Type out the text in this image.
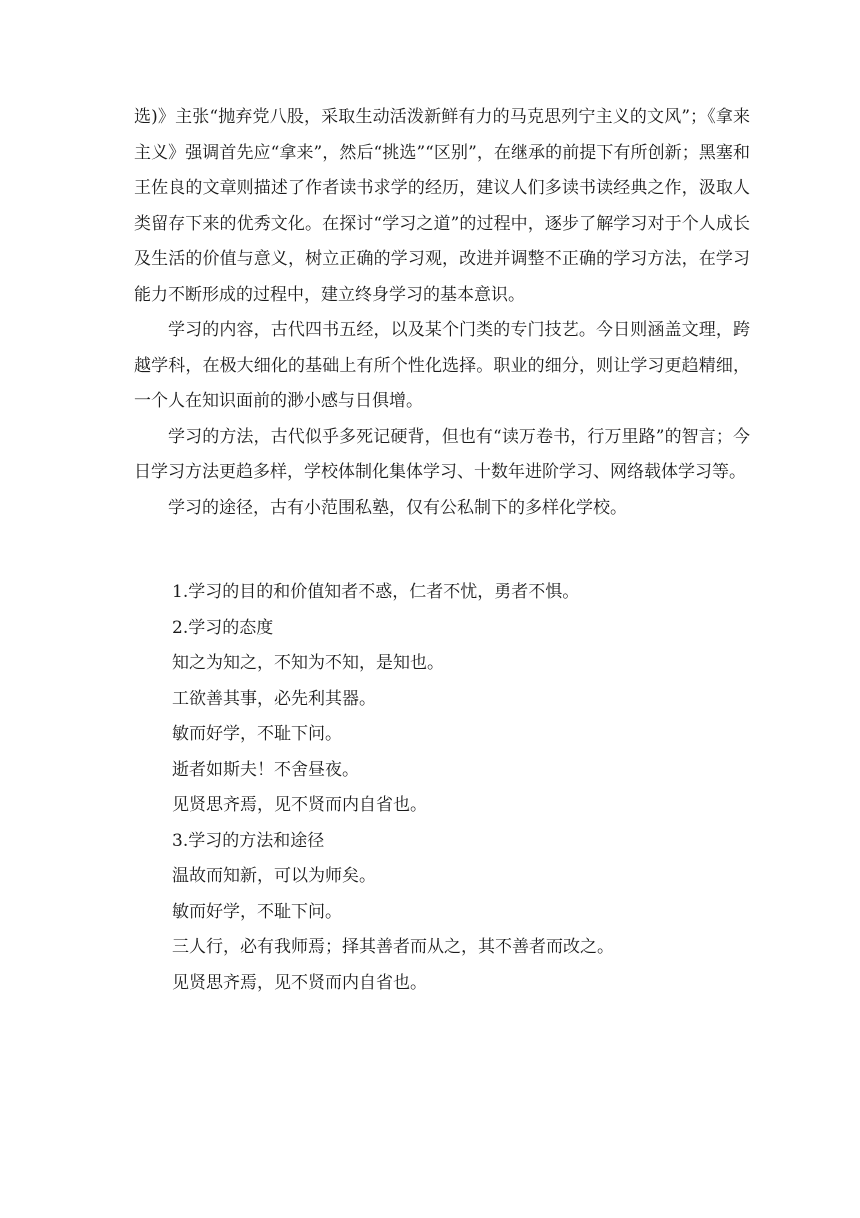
选)》主张“抛弃党八股，采取生动活泼新鲜有力的马克思列宁主义的文风”；《拿来主义》强调首先应“拿来”，然后“挑选”“区别”，在继承的前提下有所创新；黑塞和王佐良的文章则描述了作者读书求学的经历，建议人们多读书读经典之作，汲取人类留存下来的优秀文化。在探讨“学习之道”的过程中，逐步了解学习对于个人成长及生活的价值与意义，树立正确的学习观，改进并调整不正确的学习方法，在学习能力不断形成的过程中，建立终身学习的基本意识。

学习的内容，古代四书五经，以及某个门类的专门技艺。今日则涵盖文理，跨越学科，在极大细化的基础上有所个性化选择。职业的细分，则让学习更趋精细，一个人在知识面前的渺小感与日俱增。

学习的方法，古代似乎多死记硬背，但也有“读万卷书，行万里路”的智言；今日学习方法更趋多样，学校体制化集体学习、十数年进阶学习、网络载体学习等。

学习的途径，古有小范围私塾，仅有公私制下的多样化学校。

1.学习的目的和价值知者不惑，仁者不忧，勇者不惧。
2.学习的态度
知之为知之，不知为不知，是知也。
工欲善其事，必先利其器。
敏而好学，不耻下问。
逝者如斯夫！不舍昼夜。
见贤思齐焉，见不贤而内自省也。
3.学习的方法和途径
温故而知新，可以为师矣。
敏而好学，不耻下问。
三人行，必有我师焉；择其善者而从之，其不善者而改之。
见贤思齐焉，见不贤而内自省也。
